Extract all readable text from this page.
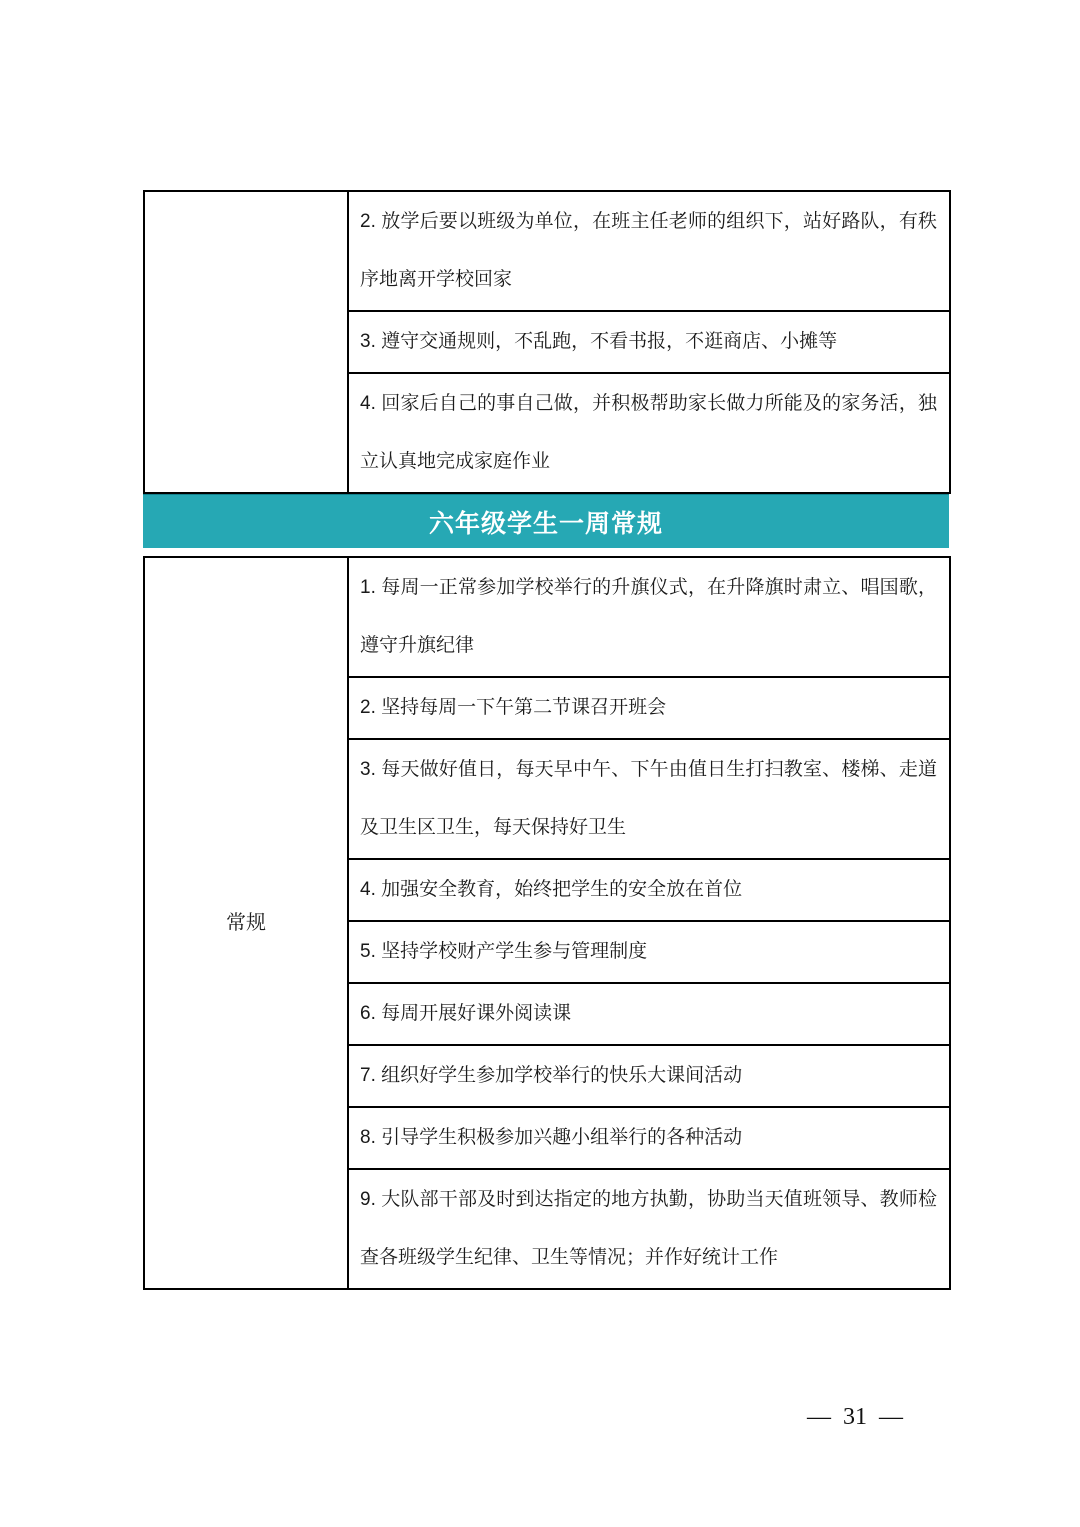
	2. 放学后要以班级为单位，在班主任老师的组织下，站好路队，有秩序地离开学校回家
3. 遵守交通规则，不乱跑，不看书报，不逛商店、小摊等
4. 回家后自己的事自己做，并积极帮助家长做力所能及的家务活，独立认真地完成家庭作业
六年级学生一周常规
常规	1. 每周一正常参加学校举行的升旗仪式，在升降旗时肃立、唱国歌，遵守升旗纪律
2. 坚持每周一下午第二节课召开班会
3. 每天做好值日，每天早中午、下午由值日生打扫教室、楼梯、走道及卫生区卫生，每天保持好卫生
4. 加强安全教育，始终把学生的安全放在首位
5. 坚持学校财产学生参与管理制度
6. 每周开展好课外阅读课
7. 组织好学生参加学校举行的快乐大课间活动
8. 引导学生积极参加兴趣小组举行的各种活动
9. 大队部干部及时到达指定的地方执勤，协助当天值班领导、教师检查各班级学生纪律、卫生等情况；并作好统计工作
— 31 —
